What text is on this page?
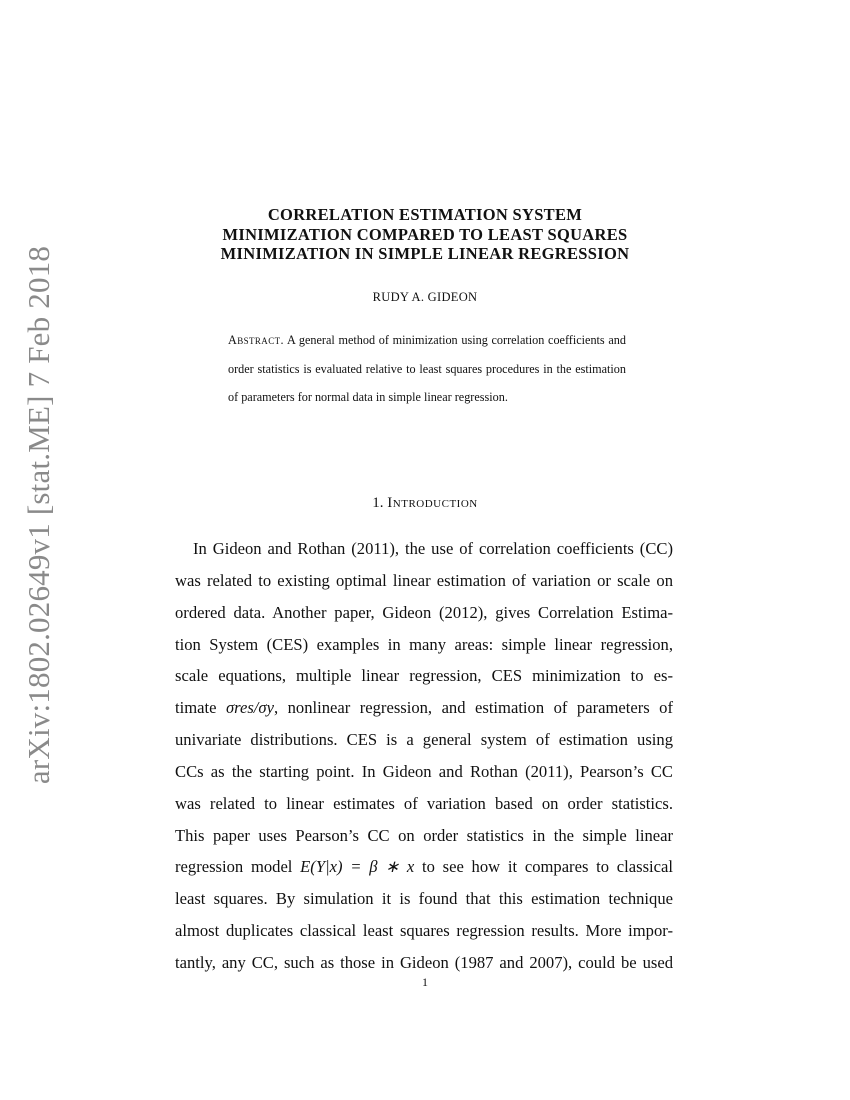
arXiv:1802.02649v1 [stat.ME] 7 Feb 2018
CORRELATION ESTIMATION SYSTEM
MINIMIZATION COMPARED TO LEAST SQUARES
MINIMIZATION IN SIMPLE LINEAR REGRESSION
RUDY A. GIDEON
Abstract. A general method of minimization using correlation coefficients and order statistics is evaluated relative to least squares procedures in the estimation of parameters for normal data in simple linear regression.
1. Introduction
In Gideon and Rothan (2011), the use of correlation coefficients (CC)
was related to existing optimal linear estimation of variation or scale on
ordered data. Another paper, Gideon (2012), gives Correlation Estima-
tion System (CES) examples in many areas: simple linear regression,
scale equations, multiple linear regression, CES minimization to es-
timate σres/σy, nonlinear regression, and estimation of parameters of
univariate distributions. CES is a general system of estimation using
CCs as the starting point. In Gideon and Rothan (2011), Pearson’s CC
was related to linear estimates of variation based on order statistics.
This paper uses Pearson’s CC on order statistics in the simple linear
regression model E(Y|x) = β ∗ x to see how it compares to classical
least squares. By simulation it is found that this estimation technique
almost duplicates classical least squares regression results. More impor-
tantly, any CC, such as those in Gideon (1987 and 2007), could be used
1
